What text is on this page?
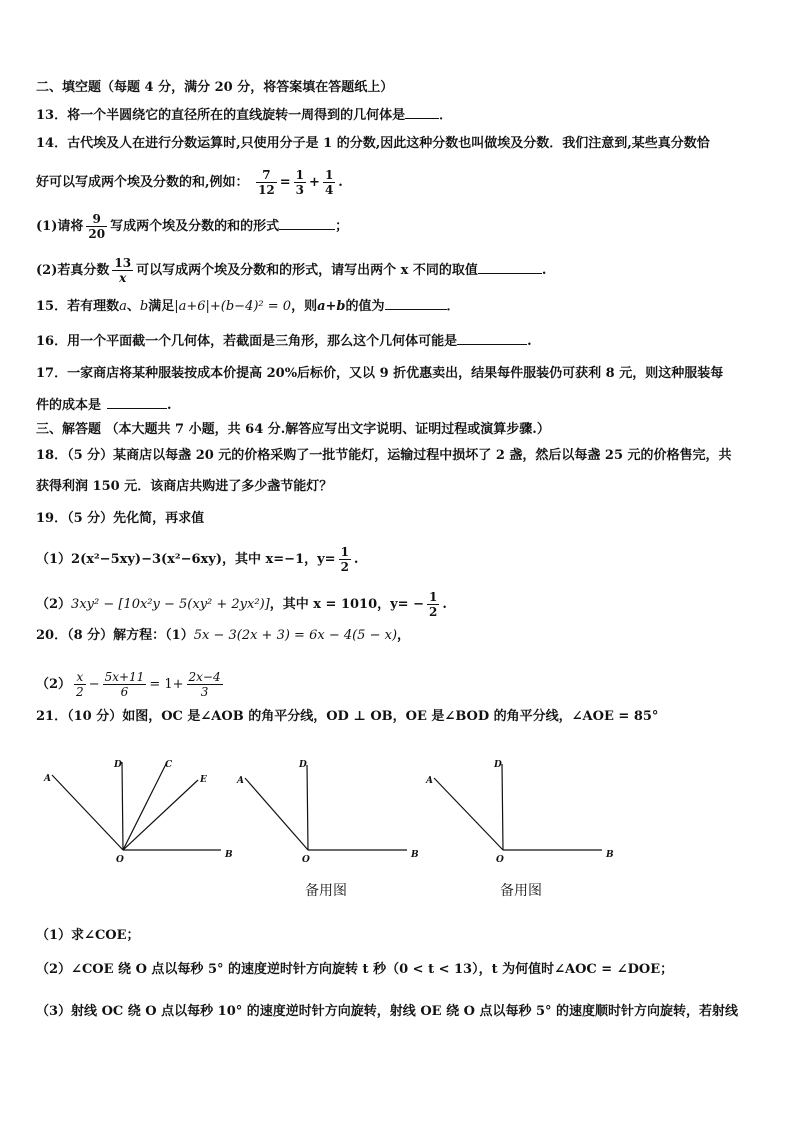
二、填空题（每题 4 分，满分 20 分，将答案填在答题纸上）
13．将一个半圆绕它的直径所在的直线旋转一周得到的几何体是	．
14．古代埃及人在进行分数运算时,只使用分子是 1 的分数,因此这种分数也叫做埃及分数．我们注意到,某些真分数恰
好可以写成两个埃及分数的和,例如： $\frac{7}{12} = \frac{1}{3} + \frac{1}{4}$ .
(1)请将 $\frac{9}{20}$ 写成两个埃及分数的和的形式	；
(2)若真分数 $\frac{13}{x}$ 可以写成两个埃及分数和的形式，请写出两个 x 不同的取值	.
15．若有理数a、b满足|a+6|+(b−4)² = 0，则a+b的值为	．
16．用一个平面截一个几何体，若截面是三角形，那么这个几何体可能是	.
17．一家商店将某种服装按成本价提高 20%后标价，又以 9 折优惠卖出，结果每件服装仍可获利 8 元，则这种服装每
件的成本是	.
三、解答题 （本大题共 7 小题，共 64 分.解答应写出文字说明、证明过程或演算步骤.）
18．（5 分）某商店以每盏 20 元的价格采购了一批节能灯，运输过程中损坏了 2 盏，然后以每盏 25 元的价格售完，共
获得利润 150 元．该商店共购进了多少盏节能灯？
19．（5 分）先化简，再求值
（1）2(x²−5xy)−3(x²−6xy)，其中 x=−1，$y= \frac{1}{2}$ .
（2）3xy² − [10x²y − 5(xy² + 2yx²)]，其中 x = 1010，$y= - \frac{1}{2}$ .
20．（8 分）解方程：（1）5x − 3(2x + 3) = 6x − 4(5 − x)，
$(2) \frac{x}{2} - \frac{5x+11}{6} = 1+ \frac{2x-4}{3}$
21．（10 分）如图，OC 是∠AOB 的角平分线，OD ⊥ OB，OE 是∠BOD 的角平分线，∠AOE = 85°
A
B
C
D
E
O
A
B
D
O
A
B
D
O
备用图	备用图
（1）求∠COE；
（2）∠COE 绕 O 点以每秒 5° 的速度逆时针方向旋转 t 秒（0 < t < 13），t 为何值时∠AOC = ∠DOE；
（3）射线 OC 绕 O 点以每秒 10° 的速度逆时针方向旋转，射线 OE 绕 O 点以每秒 5° 的速度顺时针方向旋转，若射线
